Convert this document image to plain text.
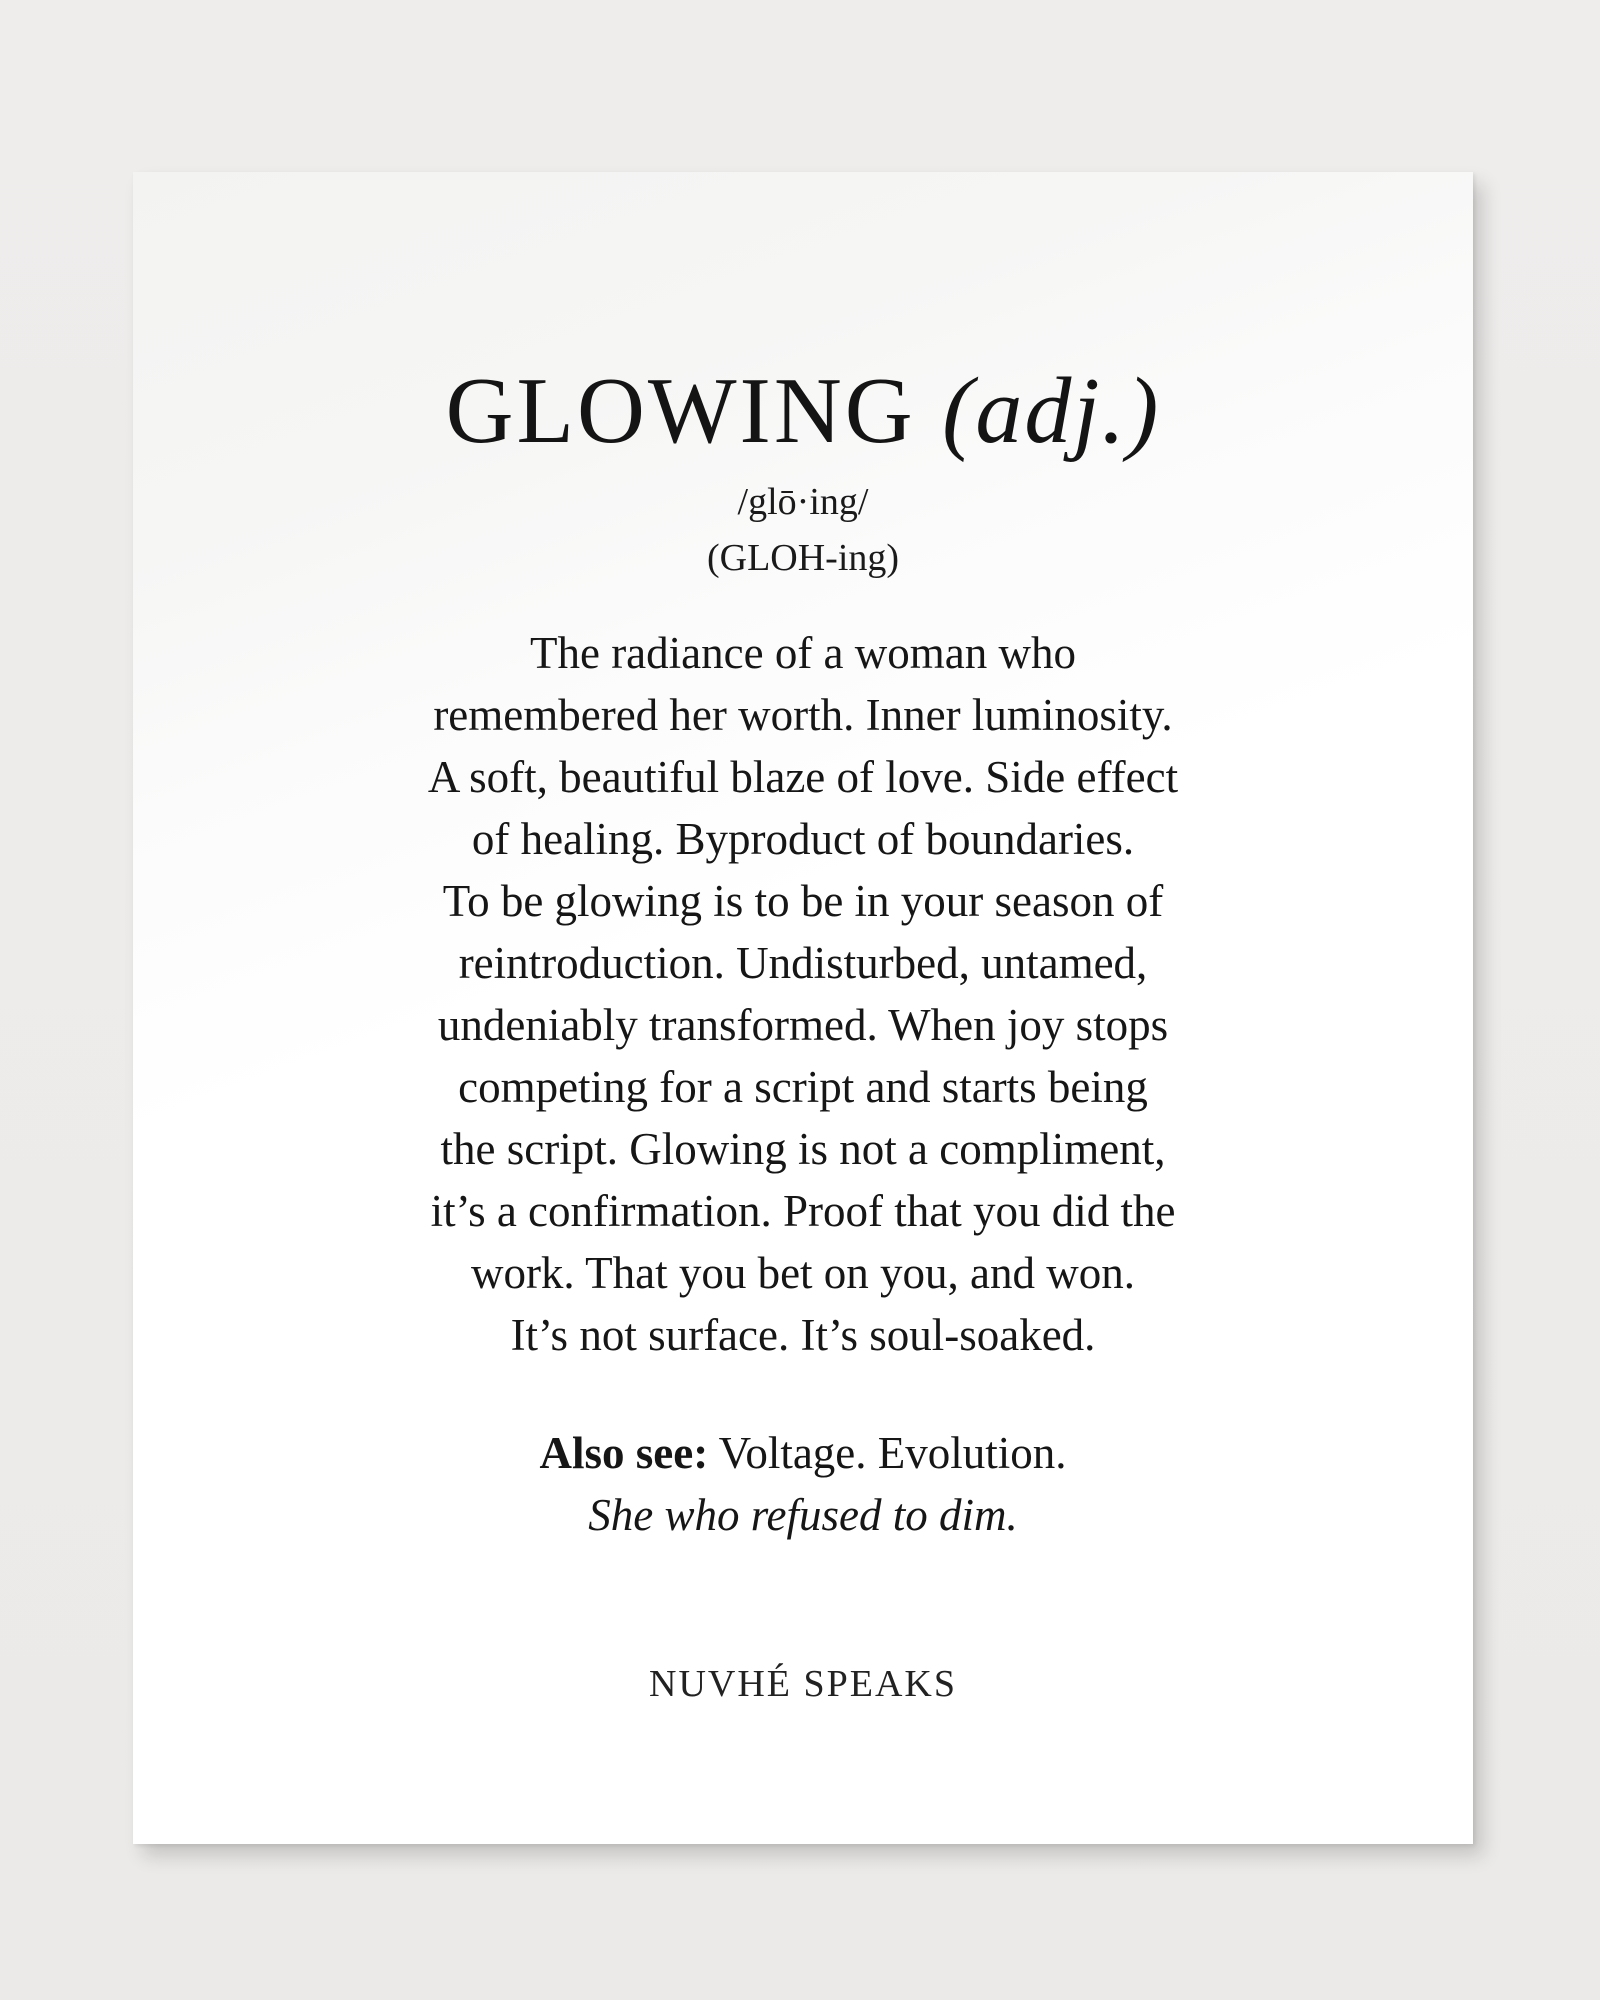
GLOWING (adj.)
/glō·ing/
(GLOH-ing)
The radiance of a woman who
remembered her worth. Inner luminosity.
A soft, beautiful blaze of love. Side effect
of healing. Byproduct of boundaries.
To be glowing is to be in your season of
reintroduction. Undisturbed, untamed,
undeniably transformed. When joy stops
competing for a script and starts being
the script. Glowing is not a compliment,
it’s a confirmation. Proof that you did the
work. That you bet on you, and won.
It’s not surface. It’s soul-soaked.
Also see: Voltage. Evolution.
She who refused to dim.
NUVHÉ SPEAKS
